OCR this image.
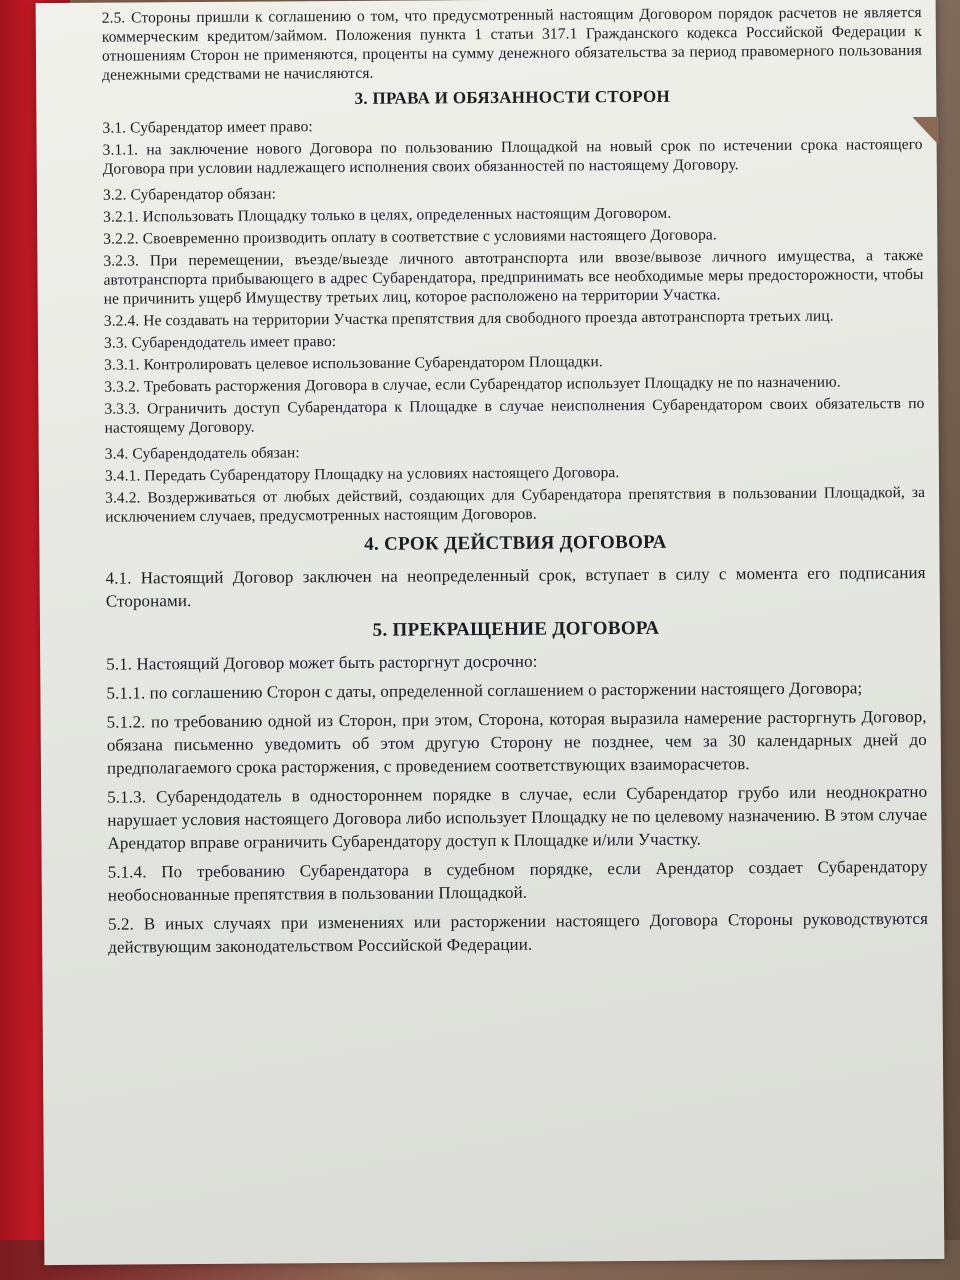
2.5. Стороны пришли к соглашению о том, что предусмотренный настоящим Договором порядок расчетов не является коммерческим кредитом/займом. Положения пункта 1 статьи 317.1 Гражданского кодекса Российской Федерации к отношениям Сторон не применяются, проценты на сумму денежного обязательства за период правомерного пользования денежными средствами не начисляются.

3. ПРАВА И ОБЯЗАННОСТИ СТОРОН

3.1. Субарендатор имеет право:

3.1.1. на заключение нового Договора по пользованию Площадкой на новый срок по истечении срока настоящего Договора при условии надлежащего исполнения своих обязанностей по настоящему Договору.

3.2. Субарендатор обязан:

3.2.1. Использовать Площадку только в целях, определенных настоящим Договором.

3.2.2. Своевременно производить оплату в соответствие с условиями настоящего Договора.

3.2.3. При перемещении, въезде/выезде личного автотранспорта или ввозе/вывозе личного имущества, а также автотранспорта прибывающего в адрес Субарендатора, предпринимать все необходимые меры предосторожности, чтобы не причинить ущерб Имуществу третьих лиц, которое расположено на территории Участка.

3.2.4. Не создавать на территории Участка препятствия для свободного проезда автотранспорта третьих лиц.

3.3. Субарендодатель имеет право:

3.3.1. Контролировать целевое использование Субарендатором Площадки.

3.3.2. Требовать расторжения Договора в случае, если Субарендатор использует Площадку не по назначению.

3.3.3. Ограничить доступ Субарендатора к Площадке в случае неисполнения Субарендатором своих обязательств по настоящему Договору.

3.4. Субарендодатель обязан:

3.4.1. Передать Субарендатору Площадку на условиях настоящего Договора.

3.4.2. Воздерживаться от любых действий, создающих для Субарендатора препятствия в пользовании Площадкой, за исключением случаев, предусмотренных настоящим Договоров.

4. СРОК ДЕЙСТВИЯ ДОГОВОРА

4.1. Настоящий Договор заключен на неопределенный срок, вступает в силу с момента его подписания Сторонами.

5. ПРЕКРАЩЕНИЕ ДОГОВОРА

5.1. Настоящий Договор может быть расторгнут досрочно:

5.1.1. по соглашению Сторон с даты, определенной соглашением о расторжении настоящего Договора;

5.1.2. по требованию одной из Сторон, при этом, Сторона, которая выразила намерение расторгнуть Договор, обязана письменно уведомить об этом другую Сторону не позднее, чем за 30 календарных дней до предполагаемого срока расторжения, с проведением соответствующих взаиморасчетов.

5.1.3. Субарендодатель в одностороннем порядке в случае, если Субарендатор грубо или неоднократно нарушает условия настоящего Договора либо использует Площадку не по целевому назначению. В этом случае Арендатор вправе ограничить Субарендатору доступ к Площадке и/или Участку.

5.1.4. По требованию Субарендатора в судебном порядке, если Арендатор создает Субарендатору необоснованные препятствия в пользовании Площадкой.

5.2. В иных случаях при изменениях или расторжении настоящего Договора Стороны руководствуются действующим законодательством Российской Федерации.
